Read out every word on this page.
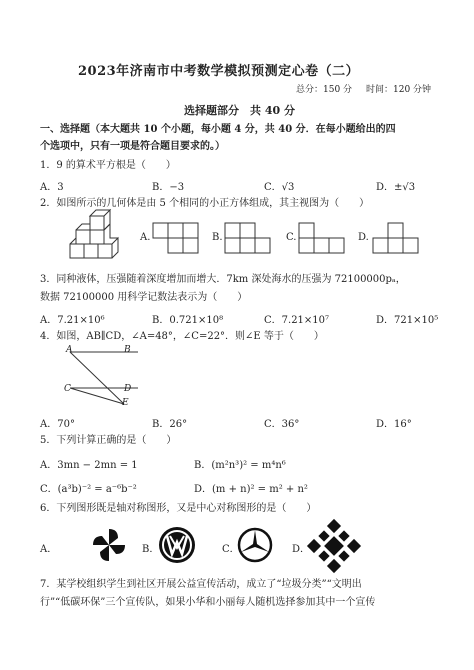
2023年济南市中考数学模拟预测定心卷（二）
总分：150 分 时间：120 分钟
选择题部分　共 40 分
一、选择题（本大题共 10 个小题，每小题 4 分，共 40 分．在每小题给出的四
个选项中，只有一项是符合题目要求的。）
1．9 的算术平方根是（　　）
A．3	B．−3	C．√3	D．±√3
2．如图所示的几何体是由 5 个相同的小正方体组成，其主视图为（　　）
A.	B.	C.	D.
3．同种液体，压强随着深度增加而增大．7km 深处海水的压强为 72100000pₐ，
数据 72100000 用科学记数法表示为（　　）
A．7.21×10⁶	B．0.721×10⁸	C．7.21×10⁷	D．721×10⁵
4．如图，AB∥CD，∠A=48°，∠C=22°．则∠E 等于（　　）
A	B
C	D
E
A．70°	B．26°	C．36°	D．16°
5．下列计算正确的是（　　）
A．3mn − 2mn = 1	B．(m²n³)² = m⁴n⁶
C．(a³b)⁻² = a⁻⁶b⁻²	D．(m + n)² = m² + n²
6．下列图形既是轴对称图形，又是中心对称图形的是（　　）
A．	B．	C．	D．
7．某学校组织学生到社区开展公益宣传活动，成立了“垃圾分类”“文明出
行”“低碳环保”三个宣传队，如果小华和小丽每人随机选择参加其中一个宣传
